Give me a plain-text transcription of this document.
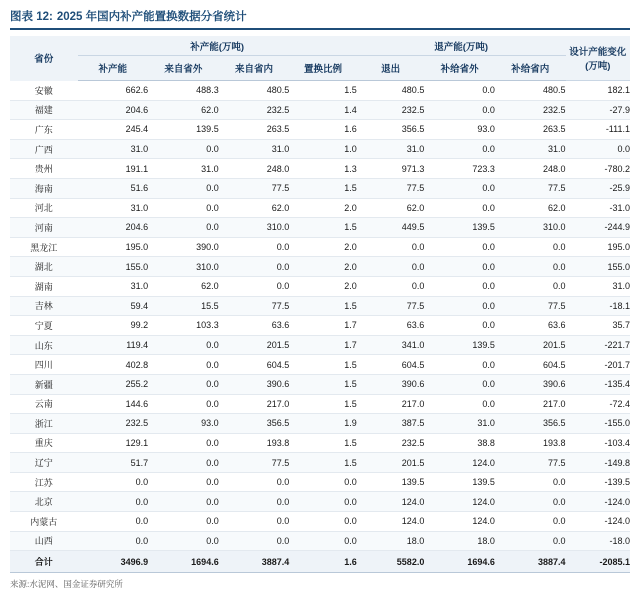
图表 12: 2025 年国内补产能置换数据分省统计
省份	补产能(万吨)				退产能(万吨)			设计产能变化(万吨)
	补产能	来自省外	来自省内	置换比例	退出	补给省外	补给省内	
安徽	662.6	488.3	480.5	1.5	480.5	0.0	480.5	182.1
福建	204.6	62.0	232.5	1.4	232.5	0.0	232.5	-27.9
广东	245.4	139.5	263.5	1.6	356.5	93.0	263.5	-111.1
广西	31.0	0.0	31.0	1.0	31.0	0.0	31.0	0.0
贵州	191.1	31.0	248.0	1.3	971.3	723.3	248.0	-780.2
海南	51.6	0.0	77.5	1.5	77.5	0.0	77.5	-25.9
河北	31.0	0.0	62.0	2.0	62.0	0.0	62.0	-31.0
河南	204.6	0.0	310.0	1.5	449.5	139.5	310.0	-244.9
黑龙江	195.0	390.0	0.0	2.0	0.0	0.0	0.0	195.0
湖北	155.0	310.0	0.0	2.0	0.0	0.0	0.0	155.0
湖南	31.0	62.0	0.0	2.0	0.0	0.0	0.0	31.0
吉林	59.4	15.5	77.5	1.5	77.5	0.0	77.5	-18.1
宁夏	99.2	103.3	63.6	1.7	63.6	0.0	63.6	35.7
山东	119.4	0.0	201.5	1.7	341.0	139.5	201.5	-221.7
四川	402.8	0.0	604.5	1.5	604.5	0.0	604.5	-201.7
新疆	255.2	0.0	390.6	1.5	390.6	0.0	390.6	-135.4
云南	144.6	0.0	217.0	1.5	217.0	0.0	217.0	-72.4
浙江	232.5	93.0	356.5	1.9	387.5	31.0	356.5	-155.0
重庆	129.1	0.0	193.8	1.5	232.5	38.8	193.8	-103.4
辽宁	51.7	0.0	77.5	1.5	201.5	124.0	77.5	-149.8
江苏	0.0	0.0	0.0	0.0	139.5	139.5	0.0	-139.5
北京	0.0	0.0	0.0	0.0	124.0	124.0	0.0	-124.0
内蒙古	0.0	0.0	0.0	0.0	124.0	124.0	0.0	-124.0
山西	0.0	0.0	0.0	0.0	18.0	18.0	0.0	-18.0
合计	3496.9	1694.6	3887.4	1.6	5582.0	1694.6	3887.4	-2085.1
来源:水泥网、国金证券研究所
